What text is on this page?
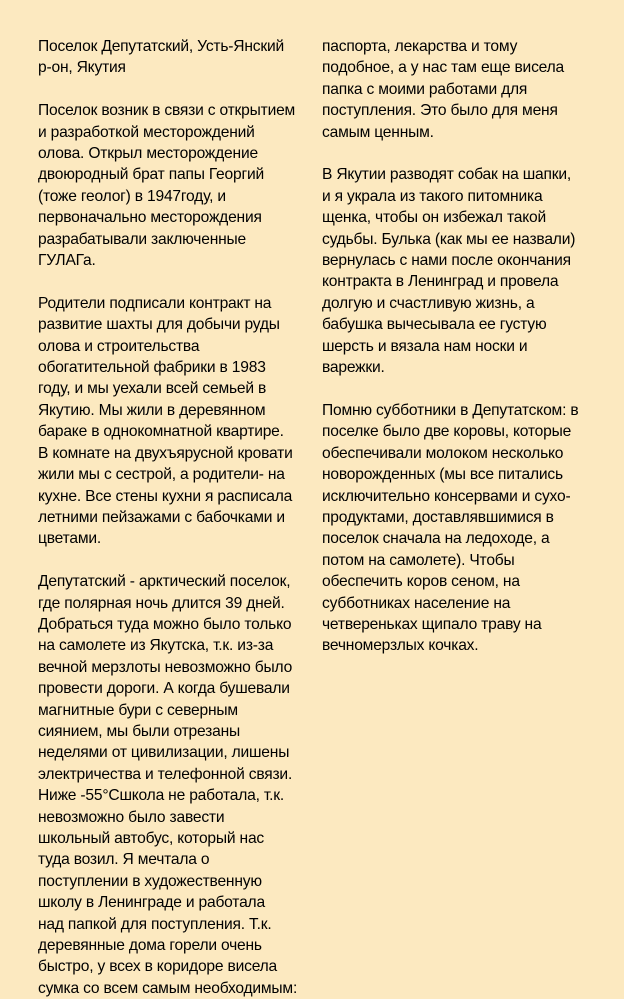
Поселок Депутатский, Усть-Янский
р-он, Якутия

Поселок возник в связи с открытием
и разработкой месторождений
олова. Открыл месторождение
двоюродный брат папы Георгий
(тоже геолог) в 1947году, и
первоначально месторождения
разрабатывали заключенные
ГУЛАГа.

Родители подписали контракт на
развитие шахты для добычи руды
олова и строительства
обогатительной фабрики в 1983
году, и мы уехали всей семьей в
Якутию. Мы жили в деревянном
бараке в однокомнатной квартире.
В комнате на двухъярусной кровати
жили мы с сестрой, а родители- на
кухне. Все стены кухни я расписала
летними пейзажами с бабочками и
цветами.

Депутатский - арктический поселок,
где полярная ночь длится 39 дней.
Добраться туда можно было только
на самолете из Якутска, т.к. из-за
вечной мерзлоты невозможно было
провести дороги. А когда бушевали
магнитные бури с северным
сиянием, мы были отрезаны
неделями от цивилизации, лишены
электричества и телефонной связи.
Ниже -55°Сшкола не работала, т.к.
невозможно было завести
школьный автобус, который нас
туда возил. Я мечтала о
поступлении в художественную
школу в Ленинграде и работала
над папкой для поступления. Т.к.
деревянные дома горели очень
быстро, у всех в коридоре висела
сумка со всем самым необходимым:

паспорта, лекарства и тому
подобное, а у нас там еще висела
папка с моими работами для
поступления. Это было для меня
самым ценным.

В Якутии разводят собак на шапки,
и я украла из такого питомника
щенка, чтобы он избежал такой
судьбы. Булька (как мы ее назвали)
вернулась с нами после окончания
контракта в Ленинград и провела
долгую и счастливую жизнь, а
бабушка вычесывала ее густую
шерсть и вязала нам носки и
варежки.

Помню субботники в Депутатском: в
поселке было две коровы, которые
обеспечивали молоком несколько
новорожденных (мы все питались
исключительно консервами и сухо-
продуктами, доставлявшимися в
поселок сначала на ледоходе, а
потом на самолете). Чтобы
обеспечить коров сеном, на
субботниках население на
четвереньках щипало траву на
вечномерзлых кочках.
